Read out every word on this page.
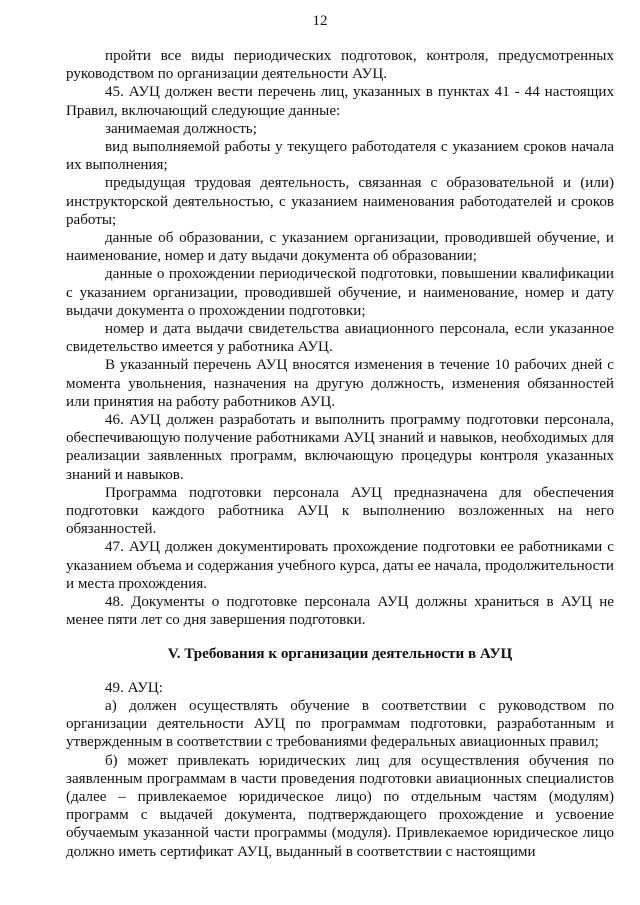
12

пройти все виды периодических подготовок, контроля, предусмотренных руководством по организации деятельности АУЦ.

45. АУЦ должен вести перечень лиц, указанных в пунктах 41 - 44 настоящих Правил, включающий следующие данные:

занимаемая должность;

вид выполняемой работы у текущего работодателя с указанием сроков начала их выполнения;

предыдущая трудовая деятельность, связанная с образовательной и (или) инструкторской деятельностью, с указанием наименования работодателей и сроков работы;

данные об образовании, с указанием организации, проводившей обучение, и наименование, номер и дату выдачи документа об образовании;

данные о прохождении периодической подготовки, повышении квалификации с указанием организации, проводившей обучение, и наименование, номер и дату выдачи документа о прохождении подготовки;

номер и дата выдачи свидетельства авиационного персонала, если указанное свидетельство имеется у работника АУЦ.

В указанный перечень АУЦ вносятся изменения в течение 10 рабочих дней с момента увольнения, назначения на другую должность, изменения обязанностей или принятия на работу работников АУЦ.

46. АУЦ должен разработать и выполнить программу подготовки персонала, обеспечивающую получение работниками АУЦ знаний и навыков, необходимых для реализации заявленных программ, включающую процедуры контроля указанных знаний и навыков.

Программа подготовки персонала АУЦ предназначена для обеспечения подготовки каждого работника АУЦ к выполнению возложенных на него обязанностей.

47. АУЦ должен документировать прохождение подготовки ее работниками с указанием объема и содержания учебного курса, даты ее начала, продолжительности и места прохождения.

48. Документы о подготовке персонала АУЦ должны храниться в АУЦ не менее пяти лет со дня завершения подготовки.

V. Требования к организации деятельности в АУЦ

49. АУЦ:

а) должен осуществлять обучение в соответствии с руководством по организации деятельности АУЦ по программам подготовки, разработанным и утвержденным в соответствии с требованиями федеральных авиационных правил;

б) может привлекать юридических лиц для осуществления обучения по заявленным программам в части проведения подготовки авиационных специалистов (далее – привлекаемое юридическое лицо) по отдельным частям (модулям) программ с выдачей документа, подтверждающего прохождение и усвоение обучаемым указанной части программы (модуля). Привлекаемое юридическое лицо должно иметь сертификат АУЦ, выданный в соответствии с настоящими
